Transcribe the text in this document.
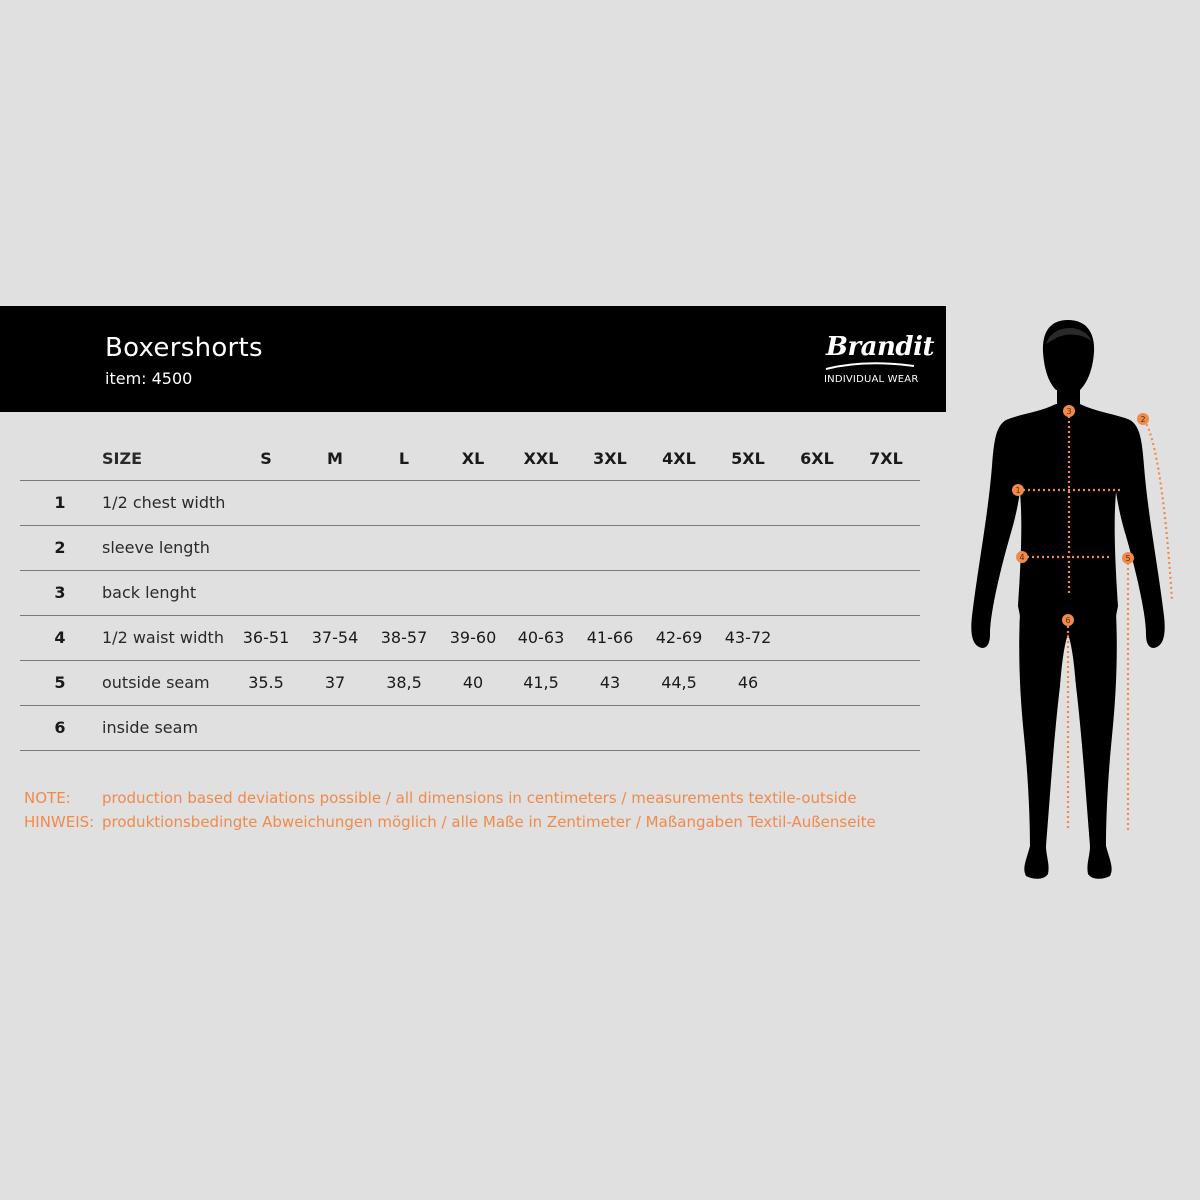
Boxershorts
item: 4500
Brandit
INDIVIDUAL WEAR
SIZE	S	M	L	XL	XXL	3XL	4XL	5XL	6XL	7XL
1	1/2 chest width
2	sleeve length
3	back lenght
4	1/2 waist width	36-51	37-54	38-57	39-60	40-63	41-66	42-69	43-72
5	outside seam	35.5	37	38,5	40	41,5	43	44,5	46
6	inside seam
NOTE: production based deviations possible / all dimensions in centimeters / measurements textile-outside
HINWEIS: produktionsbedingte Abweichungen möglich / alle Maße in Zentimeter / Maßangaben Textil-Außenseite
1
2
3
4	5
6
